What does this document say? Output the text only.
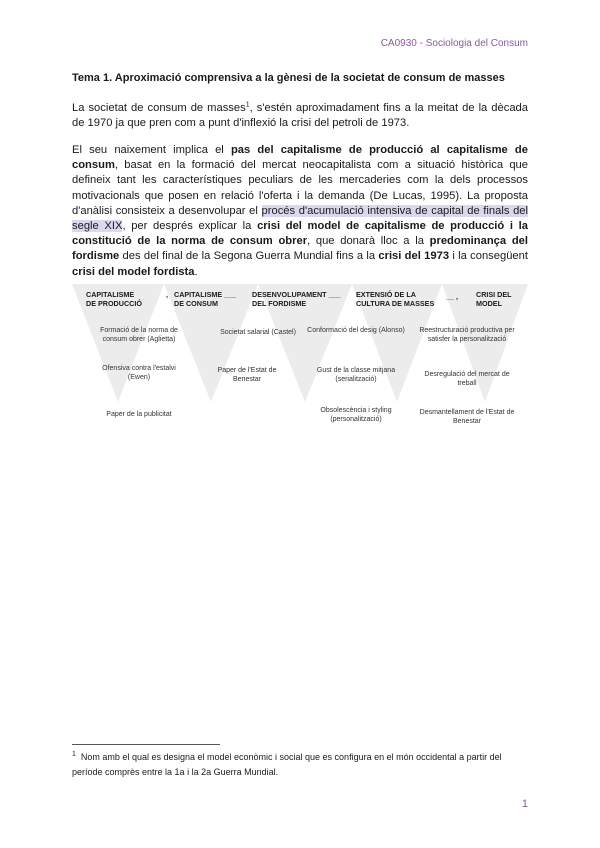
CA0930 - Sociologia del Consum
Tema 1. Aproximació comprensiva a la gènesi de la societat de consum de masses
La societat de consum de masses$^1$, s'estén aproximadament fins a la meitat de la dècada de 1970 ja que pren com a punt d'inflexió la crisi del petroli de 1973.
El seu naixement implica el pas del capitalisme de producció al capitalisme de consum, basat en la formació del mercat neocapitalista com a situació històrica que defineix tant les característiques peculiars de les mercaderies com la dels processos motivacionals que posen en relació l'oferta i la demanda (De Lucas, 1995). La proposta d'anàlisi consisteix a desenvolupar el procés d'acumulació intensiva de capital de finals del segle XIX, per després explicar la crisi del model de capitalisme de producció i la constitució de la norma de consum obrer, que donarà lloc a la predominança del fordisme des del final de la Segona Guerra Mundial fins a la crisi del 1973 i la consegüent crisi del model fordista.
CAPITALISME
DE PRODUCCIÓ
, CAPITALISME ___
DE CONSUM
DESENVOLUPAMENT ___
DEL FORDISME
EXTENSIÓ DE LA
CULTURA DE MASSES
__ ,	CRISI DEL
MODEL
Formació de la norma de consum obrer (Aglietta)
Ofensiva contra l'estalvi (Ewen)
Paper de la publicitat
Societat salarial (Castel)
Paper de l'Estat de Benestar
Conformació del desig (Alonso)
Gust de la classe mitjana (serialització)
Obsolescència i styling (personalització)
Reestructuració productiva per satisfer la personalització
Desregulació del mercat de treball
Desmantellament de l'Estat de Benestar
$^1$ Nom amb el qual es designa el model econòmic i social que es configura en el món occidental a partir del període comprès entre la 1a i la 2a Guerra Mundial.
1
